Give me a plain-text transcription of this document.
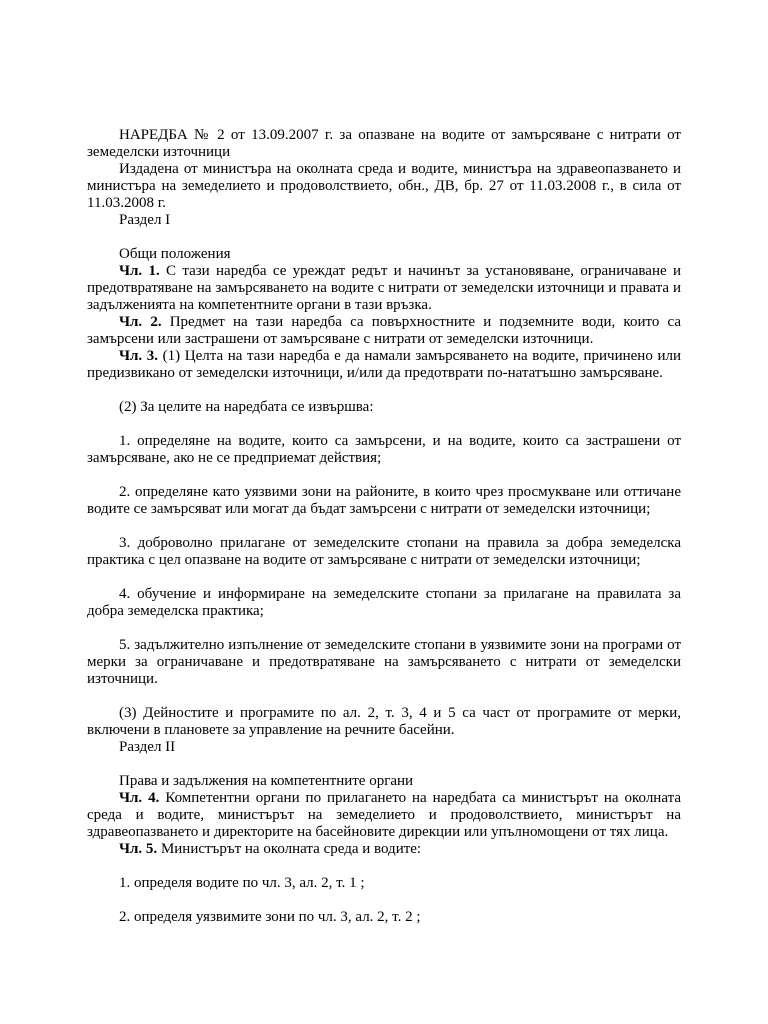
НАРЕДБА № 2 от 13.09.2007 г. за опазване на водите от замърсяване с нитрати от земеделски източници

Издадена от министъра на околната среда и водите, министъра на здравеопазването и министъра на земеделието и продоволствието, обн., ДВ, бр. 27 от 11.03.2008 г., в сила от 11.03.2008 г.

Раздел I

Общи положения

Чл. 1. С тази наредба се уреждат редът и начинът за установяване, ограничаване и предотвратяване на замърсяването на водите с нитрати от земеделски източници и правата и задълженията на компетентните органи в тази връзка.

Чл. 2. Предмет на тази наредба са повърхностните и подземните води, които са замърсени или застрашени от замърсяване с нитрати от земеделски източници.

Чл. 3. (1) Целта на тази наредба е да намали замърсяването на водите, причинено или предизвикано от земеделски източници, и/или да предотврати по-нататъшно замърсяване.

(2) За целите на наредбата се извършва:

1. определяне на водите, които са замърсени, и на водите, които са застрашени от замърсяване, ако не се предприемат действия;

2. определяне като уязвими зони на районите, в които чрез просмукване или оттичане водите се замърсяват или могат да бъдат замърсени с нитрати от земеделски източници;

3. доброволно прилагане от земеделските стопани на правила за добра земеделска практика с цел опазване на водите от замърсяване с нитрати от земеделски източници;

4. обучение и информиране на земеделските стопани за прилагане на правилата за добра земеделска практика;

5. задължително изпълнение от земеделските стопани в уязвимите зони на програми от мерки за ограничаване и предотвратяване на замърсяването с нитрати от земеделски източници.

(3) Дейностите и програмите по ал. 2, т. 3, 4 и 5 са част от програмите от мерки, включени в плановете за управление на речните басейни.

Раздел II

Права и задължения на компетентните органи

Чл. 4. Компетентни органи по прилагането на наредбата са министърът на околната среда и водите, министърът на земеделието и продоволствието, министърът на здравеопазването и директорите на басейновите дирекции или упълномощени от тях лица.

Чл. 5. Министърът на околната среда и водите:

1. определя водите по чл. 3, ал. 2, т. 1 ;

2. определя уязвимите зони по чл. 3, ал. 2, т. 2 ;
